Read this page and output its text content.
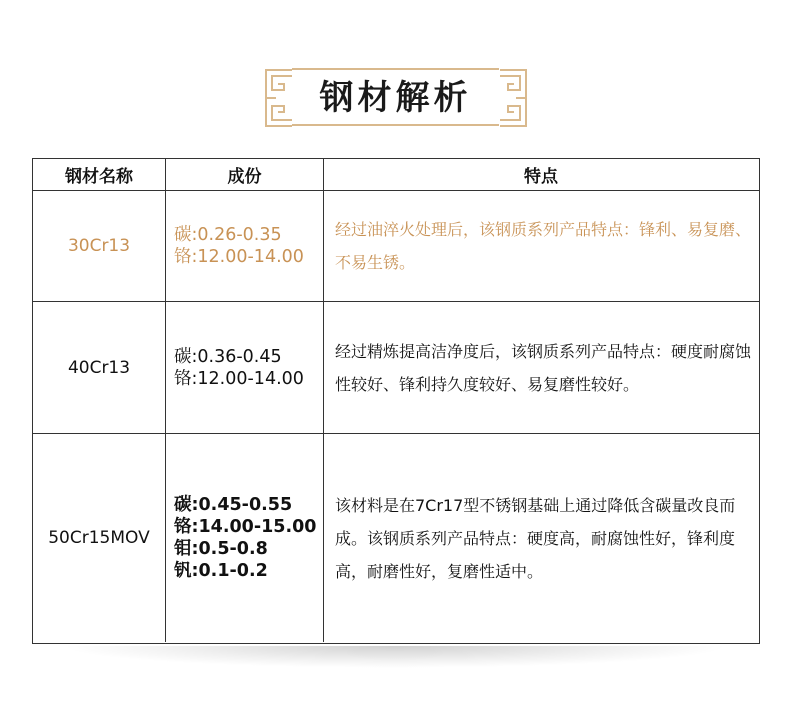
钢材解析
钢材名称	成份	特点
30Cr13
碳:0.26-0.35
铬:12.00-14.00
经过油淬火处理后，该钢质系列产品特点：锋利、易复磨、不易生锈。
40Cr13
碳:0.36-0.45
铬:12.00-14.00
经过精炼提高洁净度后，该钢质系列产品特点：硬度耐腐蚀性较好、锋利持久度较好、易复磨性较好。
50Cr15MOV
碳:0.45-0.55
铬:14.00-15.00
钼:0.5-0.8
钒:0.1-0.2
该材料是在7Cr17型不锈钢基础上通过降低含碳量改良而成。该钢质系列产品特点：硬度高，耐腐蚀性好，锋利度高，耐磨性好，复磨性适中。
